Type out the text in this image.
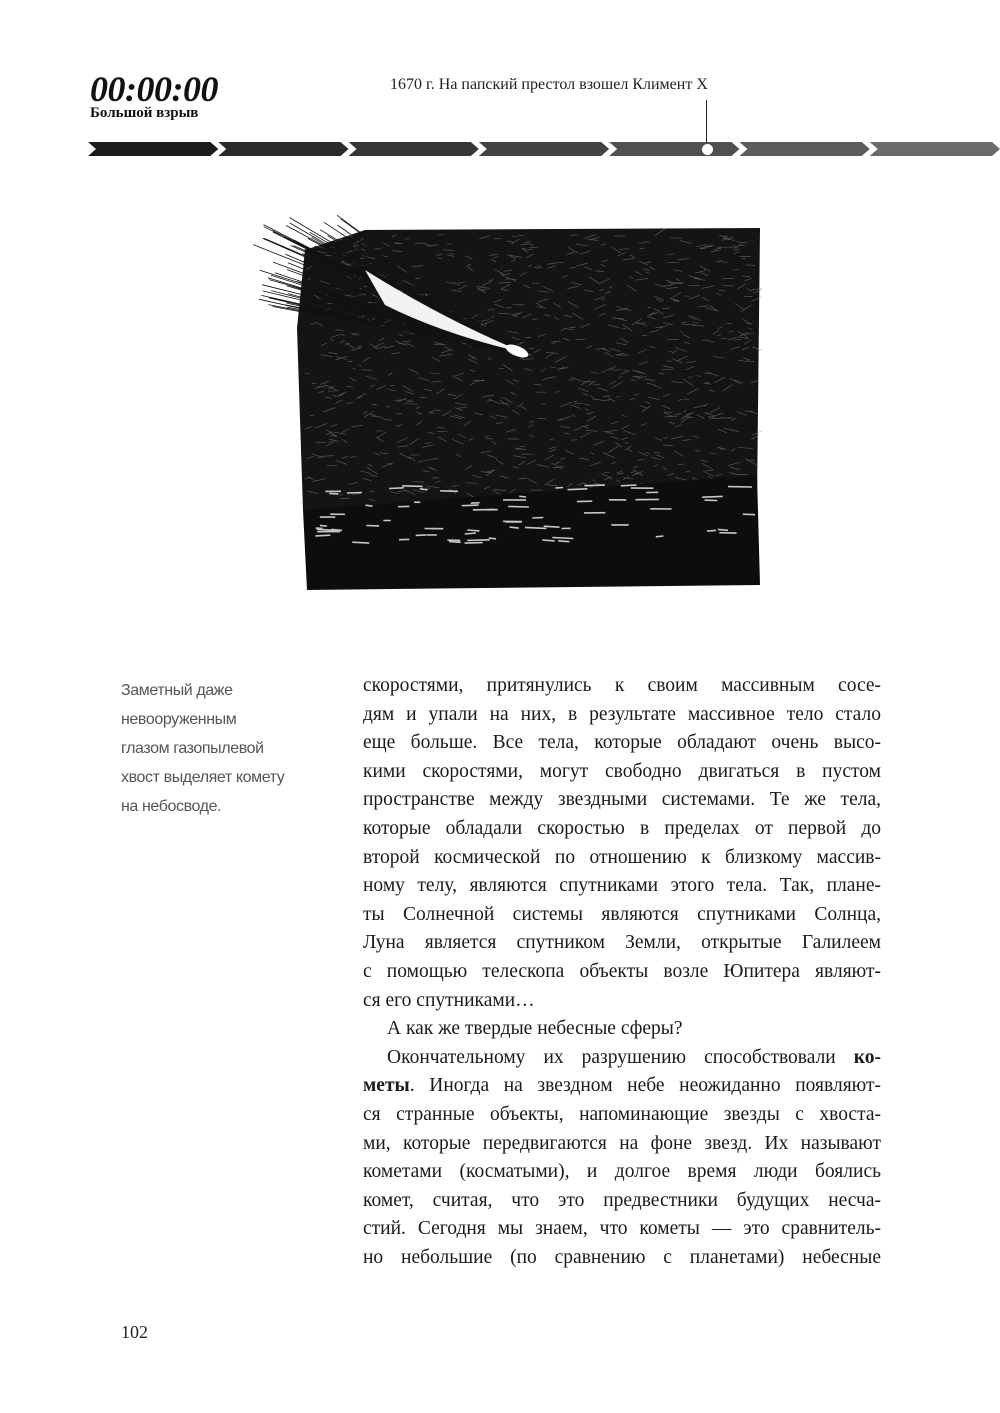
00:00:00
Большой взрыв
1670 г. На папский престол взошел Климент X
Заметный даже
невооруженным
глазом газопылевой
хвост выделяет комету
на небосводе.
скоростями, притянулись к своим массивным сосе-
дям и упали на них, в результате массивное тело стало
еще больше. Все тела, которые обладают очень высо-
кими скоростями, могут свободно двигаться в пустом
пространстве между звездными системами. Те же тела,
которые обладали скоростью в пределах от первой до
второй космической по отношению к близкому массив-
ному телу, являются спутниками этого тела. Так, плане-
ты Солнечной системы являются спутниками Солнца,
Луна является спутником Земли, открытые Галилеем
с помощью телескопа объекты возле Юпитера являют-
ся его спутниками…
А как же твердые небесные сферы?
Окончательному их разрушению способствовали ко-
меты. Иногда на звездном небе неожиданно появляют-
ся странные объекты, напоминающие звезды с хвоста-
ми, которые передвигаются на фоне звезд. Их называют
кометами (косматыми), и долгое время люди боялись
комет, считая, что это предвестники будущих несча-
стий. Сегодня мы знаем, что кометы — это сравнитель-
но небольшие (по сравнению с планетами) небесные
102
